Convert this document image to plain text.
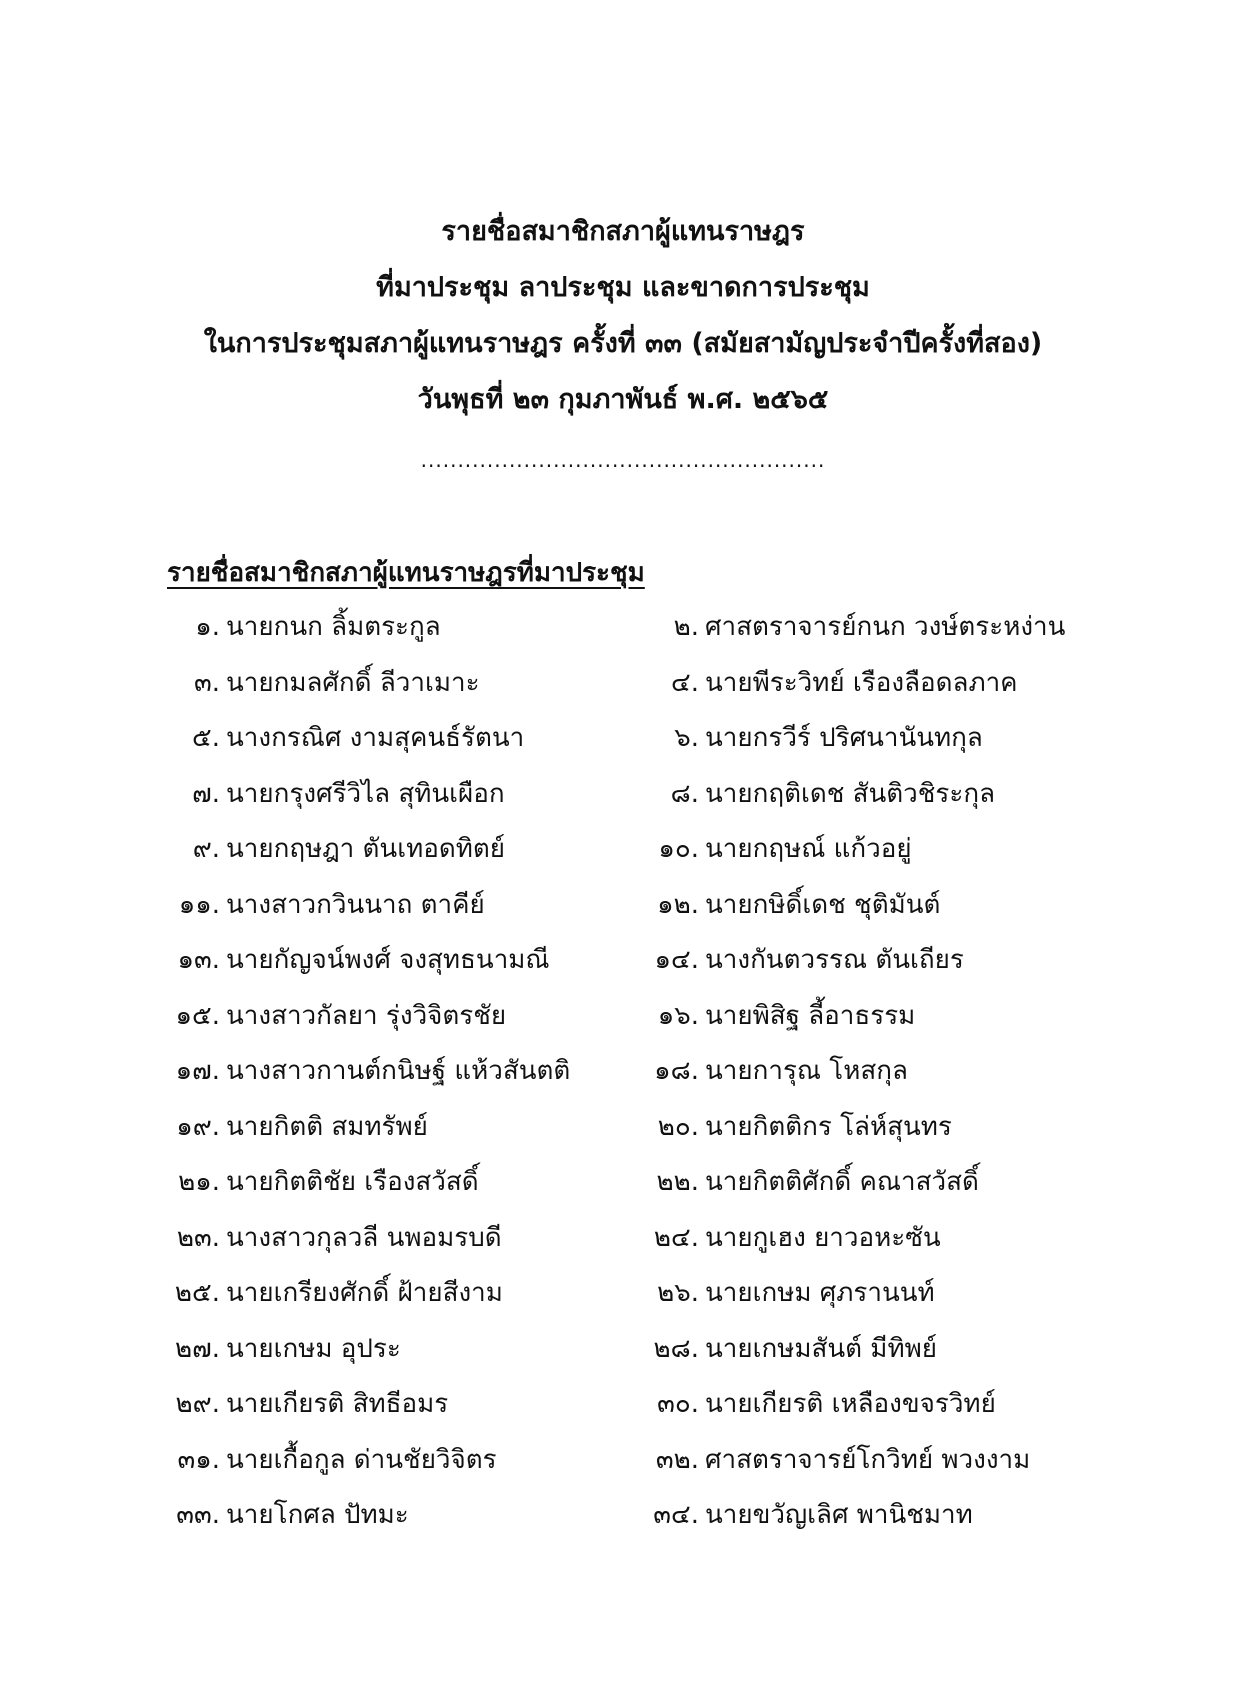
รายชื่อสมาชิกสภาผู้แทนราษฎร
ที่มาประชุม ลาประชุม และขาดการประชุม
ในการประชุมสภาผู้แทนราษฎร ครั้งที่ ๓๓ (สมัยสามัญประจำปีครั้งที่สอง)
วันพุธที่ ๒๓ กุมภาพันธ์ พ.ศ. ๒๕๖๕
.......................................................
รายชื่อสมาชิกสภาผู้แทนราษฎรที่มาประชุม
๑. นายกนก ลิ้มตระกูล	๒. ศาสตราจารย์กนก วงษ์ตระหง่าน
๓. นายกมลศักดิ์ ลีวาเมาะ	๔. นายพีระวิทย์ เรืองลือดลภาค
๕. นางกรณิศ งามสุคนธ์รัตนา	๖. นายกรวีร์ ปริศนานันทกุล
๗. นายกรุงศรีวิไล สุทินเผือก	๘. นายกฤติเดช สันติวชิระกุล
๙. นายกฤษฎา ตันเทอดทิตย์	๑๐. นายกฤษณ์ แก้วอยู่
๑๑. นางสาวกวินนาถ ตาคีย์	๑๒. นายกษิดิ์เดช ชุติมันต์
๑๓. นายกัญจน์พงศ์ จงสุทธนามณี	๑๔. นางกันตวรรณ ตันเถียร
๑๕. นางสาวกัลยา รุ่งวิจิตรชัย	๑๖. นายพิสิฐ ลี้อาธรรม
๑๗. นางสาวกานต์กนิษฐ์ แห้วสันตติ	๑๘. นายการุณ โหสกุล
๑๙. นายกิตติ สมทรัพย์	๒๐. นายกิตติกร โล่ห์สุนทร
๒๑. นายกิตติชัย เรืองสวัสดิ์	๒๒. นายกิตติศักดิ์ คณาสวัสดิ์
๒๓. นางสาวกุลวลี นพอมรบดี	๒๔. นายกูเฮง ยาวอหะซัน
๒๕. นายเกรียงศักดิ์ ฝ้ายสีงาม	๒๖. นายเกษม ศุภรานนท์
๒๗. นายเกษม อุประ	๒๘. นายเกษมสันต์ มีทิพย์
๒๙. นายเกียรติ สิทธีอมร	๓๐. นายเกียรติ เหลืองขจรวิทย์
๓๑. นายเกื้อกูล ด่านชัยวิจิตร	๓๒. ศาสตราจารย์โกวิทย์ พวงงาม
๓๓. นายโกศล ปัทมะ	๓๔. นายขวัญเลิศ พานิชมาท
